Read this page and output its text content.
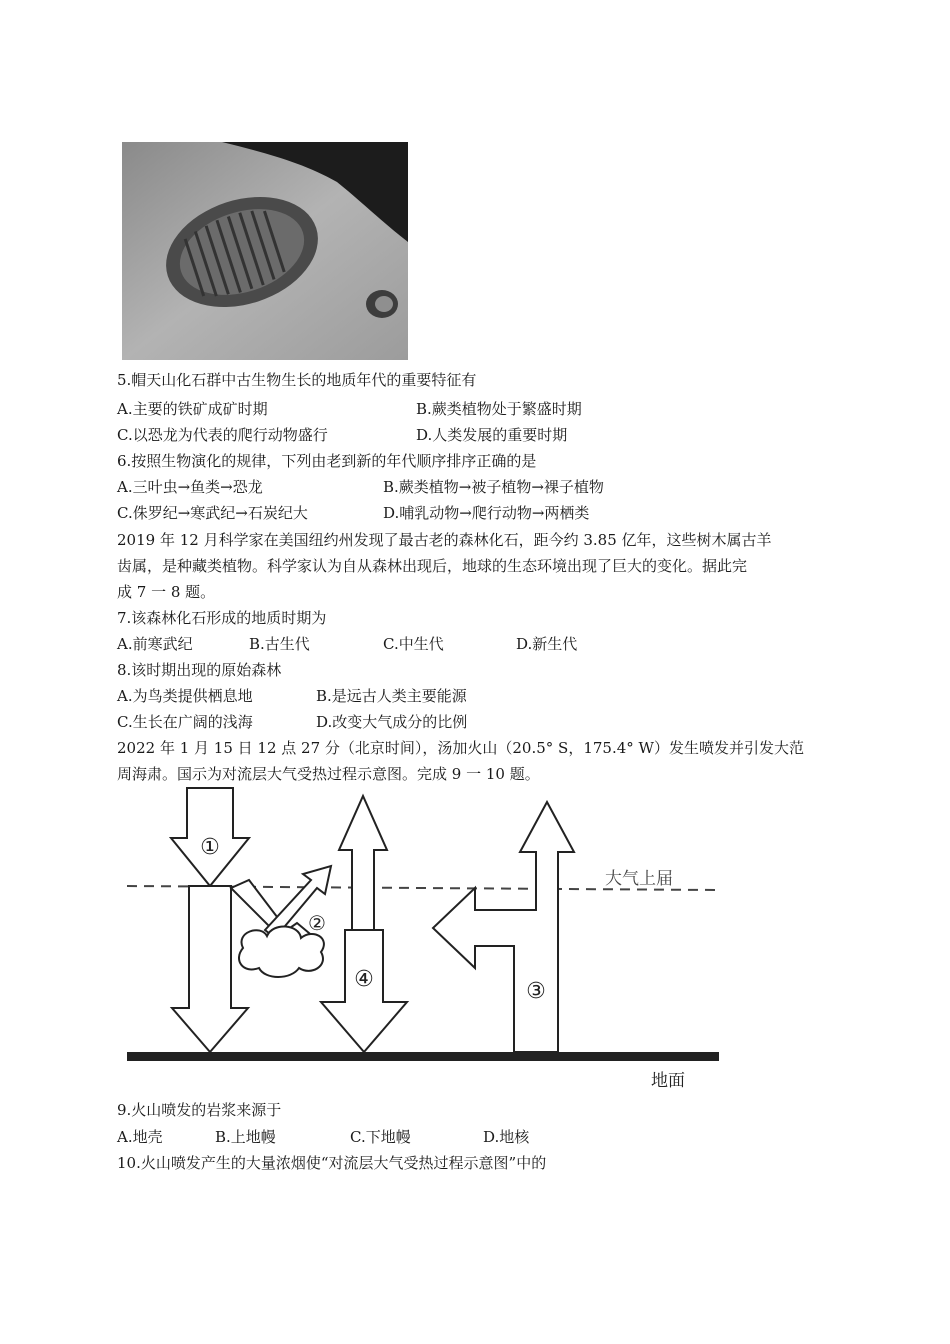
5.帽天山化石群中古生物生长的地质年代的重要特征有
A.主要的铁矿成矿时期	B.蕨类植物处于繁盛时期
C.以恐龙为代表的爬行动物盛行	D.人类发展的重要时期
6.按照生物演化的规律，下列由老到新的年代顺序排序正确的是
A.三叶虫→鱼类→恐龙	B.蕨类植物→被子植物→裸子植物
C.侏罗纪→寒武纪→石炭纪大	D.哺乳动物→爬行动物→两栖类
2019 年 12 月科学家在美国纽约州发现了最古老的森林化石，距今约 3.85 亿年，这些树木属古羊
齿属，是种藏类植物。科学家认为自从森林出现后，地球的生态环境出现了巨大的变化。据此完
成 7 一 8 题。
7.该森林化石形成的地质时期为
A.前寒武纪	B.古生代	C.中生代	D.新生代
8.该时期出现的原始森林
A.为鸟类提供栖息地	B.是远古人类主要能源
C.生长在广阔的浅海	D.改变大气成分的比例
2022 年 1 月 15 日 12 点 27 分（北京时间），汤加火山（20.5° S，175.4° W）发生喷发并引发大范
周海肃。国示为对流层大气受热过程示意图。完成 9 一 10 题。
①
②
④	③
大气上届
地面
9.火山喷发的岩浆来源于
A.地壳	B.上地幔	C.下地幔	D.地核
10.火山喷发产生的大量浓烟使“对流层大气受热过程示意图”中的
